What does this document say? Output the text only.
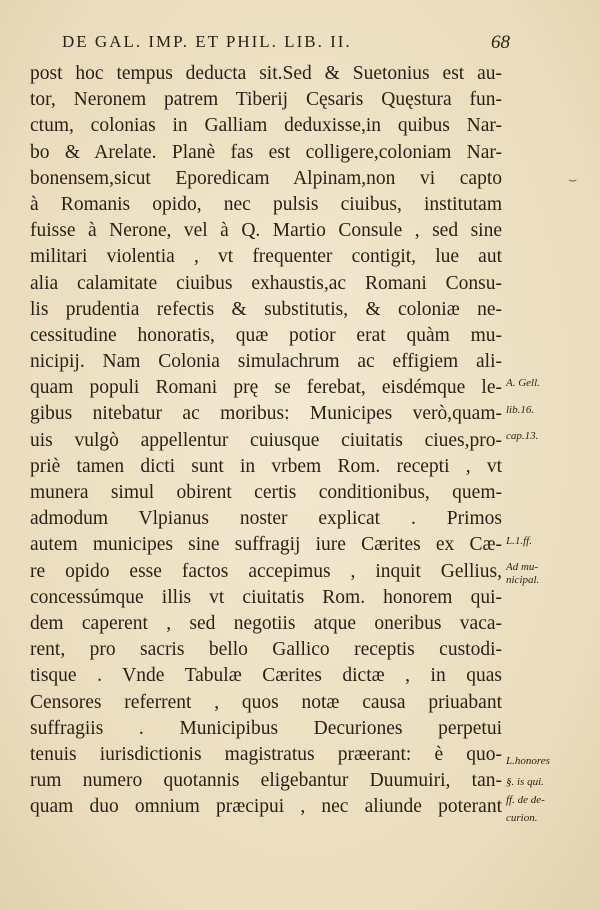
DE GAL. IMP. ET PHIL. LIB. II.	68
post hoc tempus deducta sit.Sed & Suetonius est au-
tor, Neronem patrem Tiberij Cęsaris Quęstura fun-
ctum, colonias in Galliam deduxisse,in quibus Nar-
bo & Arelate. Planè fas est colligere,coloniam Nar-
bonensem,sicut Eporedicam Alpinam,non vi capto
à Romanis opido, nec pulsis ciuibus, institutam
fuisse à Nerone, vel à Q. Martio Consule , sed sine
militari violentia , vt frequenter contigit, lue aut
alia calamitate ciuibus exhaustis,ac Romani Consu-
lis prudentia refectis & substitutis, & coloniæ ne-
cessitudine honoratis, quæ potior erat quàm mu-
nicipij. Nam Colonia simulachrum ac effigiem ali-
quam populi Romani prę se ferebat, eisdémque le-
gibus nitebatur ac moribus: Municipes verò,quam-
uis vulgò appellentur cuiusque ciuitatis ciues,pro-
priè tamen dicti sunt in vrbem Rom. recepti , vt
munera simul obirent certis conditionibus, quem-
admodum Vlpianus noster explicat . Primos
autem municipes sine suffragij iure Cærites ex Cæ-
re opido esse factos accepimus , inquit Gellius,
concessúmque illis vt ciuitatis Rom. honorem qui-
dem caperent , sed negotiis atque oneribus vaca-
rent, pro sacris bello Gallico receptis custodi-
tisque . Vnde Tabulæ Cærites dictæ , in quas
Censores referrent , quos notæ causa priuabant
suffragiis . Municipibus Decuriones perpetui
tenuis iurisdictionis magistratus præerant: è quo-
rum numero quotannis eligebantur Duumuiri, tan-
quam duo omnium præcipui , nec aliunde poterant
A. Gell.
lib.16.
cap.13.
L.1.ff.
Ad mu-
nicipal.
L.honores
§. is qui.
ff. de de-
curion.
⌣
